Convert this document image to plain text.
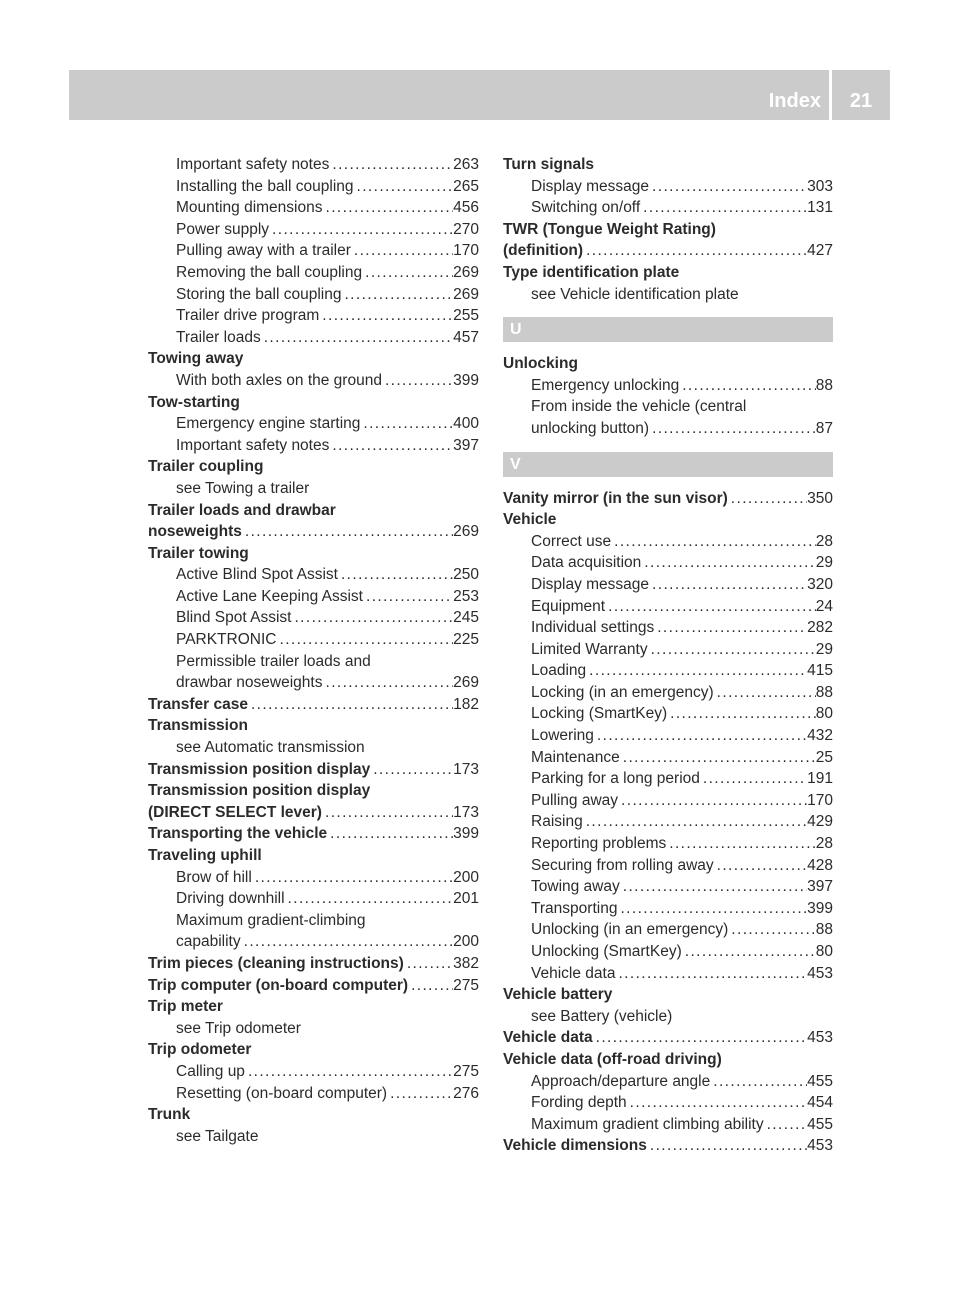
Index	21
Important safety notes .....	263
Installing the ball coupling .....	265
Mounting dimensions .....	456
Power supply .....	270
Pulling away with a trailer .....	170
Removing the ball coupling .....	269
Storing the ball coupling .....	269
Trailer drive program .....	255
Trailer loads .....	457
Towing away
With both axles on the ground .....	399
Tow-starting
Emergency engine starting .....	400
Important safety notes .....	397
Trailer coupling
see Towing a trailer
Trailer loads and drawbar
noseweights .....	269
Trailer towing
Active Blind Spot Assist .....	250
Active Lane Keeping Assist .....	253
Blind Spot Assist .....	245
PARKTRONIC .....	225
Permissible trailer loads and
drawbar noseweights .....	269
Transfer case .....	182
Transmission
see Automatic transmission
Transmission position display .....	173
Transmission position display
(DIRECT SELECT lever) .....	173
Transporting the vehicle .....	399
Traveling uphill
Brow of hill .....	200
Driving downhill .....	201
Maximum gradient-climbing
capability .....	200
Trim pieces (cleaning instructions) .....	382
Trip computer (on-board computer) .....	275
Trip meter
see Trip odometer
Trip odometer
Calling up .....	275
Resetting (on-board computer) .....	276
Trunk
see Tailgate
Turn signals
Display message .....	303
Switching on/off .....	131
TWR (Tongue Weight Rating)
(definition) .....	427
Type identification plate
see Vehicle identification plate
U
Unlocking
Emergency unlocking .....	88
From inside the vehicle (central
unlocking button) .....	87
V
Vanity mirror (in the sun visor) .....	350
Vehicle
Correct use .....	28
Data acquisition .....	29
Display message .....	320
Equipment .....	24
Individual settings .....	282
Limited Warranty .....	29
Loading .....	415
Locking (in an emergency) .....	88
Locking (SmartKey) .....	80
Lowering .....	432
Maintenance .....	25
Parking for a long period .....	191
Pulling away .....	170
Raising .....	429
Reporting problems .....	28
Securing from rolling away .....	428
Towing away .....	397
Transporting .....	399
Unlocking (in an emergency) .....	88
Unlocking (SmartKey) .....	80
Vehicle data .....	453
Vehicle battery
see Battery (vehicle)
Vehicle data .....	453
Vehicle data (off-road driving)
Approach/departure angle .....	455
Fording depth .....	454
Maximum gradient climbing ability .....	455
Vehicle dimensions .....	453
